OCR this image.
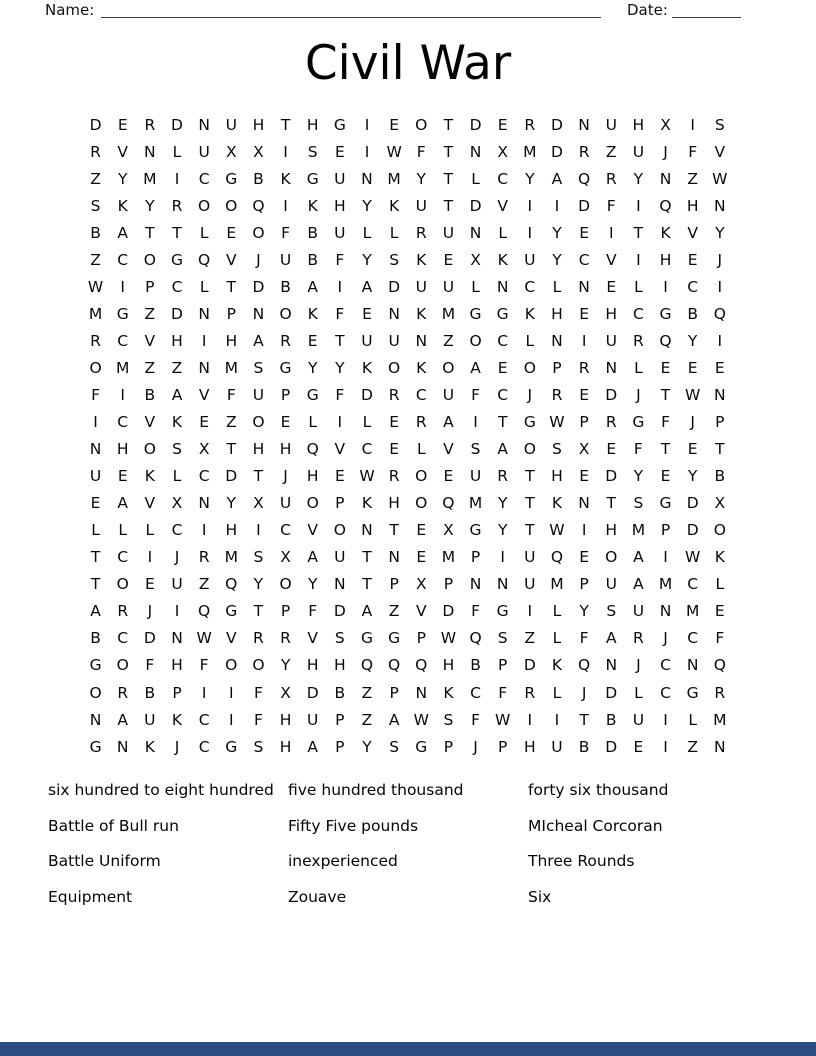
Name:	Date:
Civil War
D	E	R	D N	U	H	T	H G	I	E	O	T	D	E	R	D N	U	H	X	I	S
R	V	N	L	U	X	X	I	S	E	I	W F	T	N	X M D	R	Z	U	J	F	V
Z	Y	M	I	C	G	B	K	G U	N M	Y	T	L	C	Y	A	Q	R	Y	N	Z W
S	K	Y	R	O O Q	I	K	H	Y	K	U	T	D	V	I	I	D	F	I	Q H	N
B	A	T	T	L	E	O	F	B	U	L	L	R	U	N	L	I	Y	E	I	T	K	V	Y
Z	C	O G Q	V	J	U	B	F	Y	S	K	E	X	K	U	Y	C	V	I	H	E	J
W	I	P	C	L	T	D	B	A	I	A	D	U	U	L	N	C	L	N	E	L	I	C	I
M G	Z	D N	P	N O	K	F	E	N	K M G G	K	H	E	H	C	G	B	Q
R	C	V	H	I	H	A	R	E	T	U	U	N	Z	O	C	L	N	I	U	R	Q	Y	I
O M Z	Z	N M	S	G	Y	Y	K	O	K	O	A	E	O	P	R	N	L	E	E	E
F	I	B	A	V	F	U	P	G	F	D	R	C	U	F	C	J	R	E	D	J	T W N
I	C	V	K	E	Z	O	E	L	I	L	E	R	A	I	T	G W P	R	G	F	J	P
N	H O	S	X	T	H H Q	V	C	E	L	V	S	A	O	S	X	E	F	T	E	T
U	E	K	L	C	D	T	J	H	E W R	O	E	U	R	T	H	E	D	Y	E	Y	B
E	A	V	X	N	Y	X	U O	P	K	H O Q M	Y	T	K	N	T	S	G D	X
L	L	L	C	I	H	I	C	V	O N	T	E	X	G	Y	T W	I	H M	P	D O
T	C	I	J	R M	S	X	A	U	T	N	E	M	P	I	U Q	E	O	A	I	W K
T	O	E	U	Z	Q	Y	O	Y	N	T	P	X	P	N	N	U M	P	U	A M C	L
A	R	J	I	Q G	T	P	F	D	A	Z	V	D	F	G	I	L	Y	S	U	N M	E
B	C	D N W V	R	R	V	S	G G	P W Q	S	Z	L	F	A	R	J	C	F
G O	F	H	F	O O	Y	H H Q Q Q H	B	P	D	K	Q N	J	C	N Q
O	R	B	P	I	I	F	X	D	B	Z	P	N	K	C	F	R	L	J	D	L	C	G	R
N	A	U	K	C	I	F	H	U	P	Z	A W S	F W	I	I	T	B	U	I	L	M
G N	K	J	C	G	S	H	A	P	Y	S	G	P	J	P	H	U	B	D	E	I	Z	N
six hundred to eight hundred
Battle of Bull run
Battle Uniform
Equipment
five hundred thousand
Fifty Five pounds
inexperienced
Zouave
forty six thousand
MIcheal Corcoran
Three Rounds
Six
